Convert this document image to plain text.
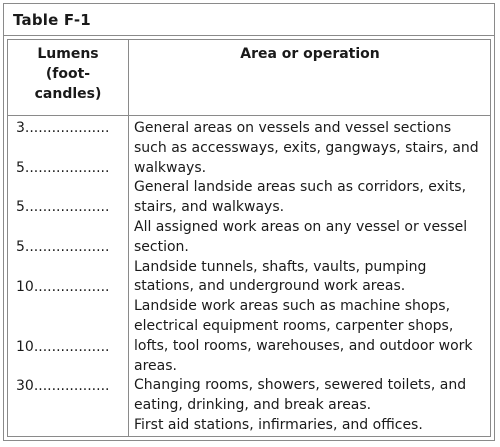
Table F-1
Lumens
(foot-
candles)
Area or operation
3...................
5...................
5...................
5...................
10.................
10.................
30.................
General areas on vessels and vessel sections
such as accessways, exits, gangways, stairs, and
walkways.
General landside areas such as corridors, exits,
stairs, and walkways.
All assigned work areas on any vessel or vessel
section.
Landside tunnels, shafts, vaults, pumping
stations, and underground work areas.
Landside work areas such as machine shops,
electrical equipment rooms, carpenter shops,
lofts, tool rooms, warehouses, and outdoor work
areas.
Changing rooms, showers, sewered toilets, and
eating, drinking, and break areas.
First aid stations, infirmaries, and offices.
